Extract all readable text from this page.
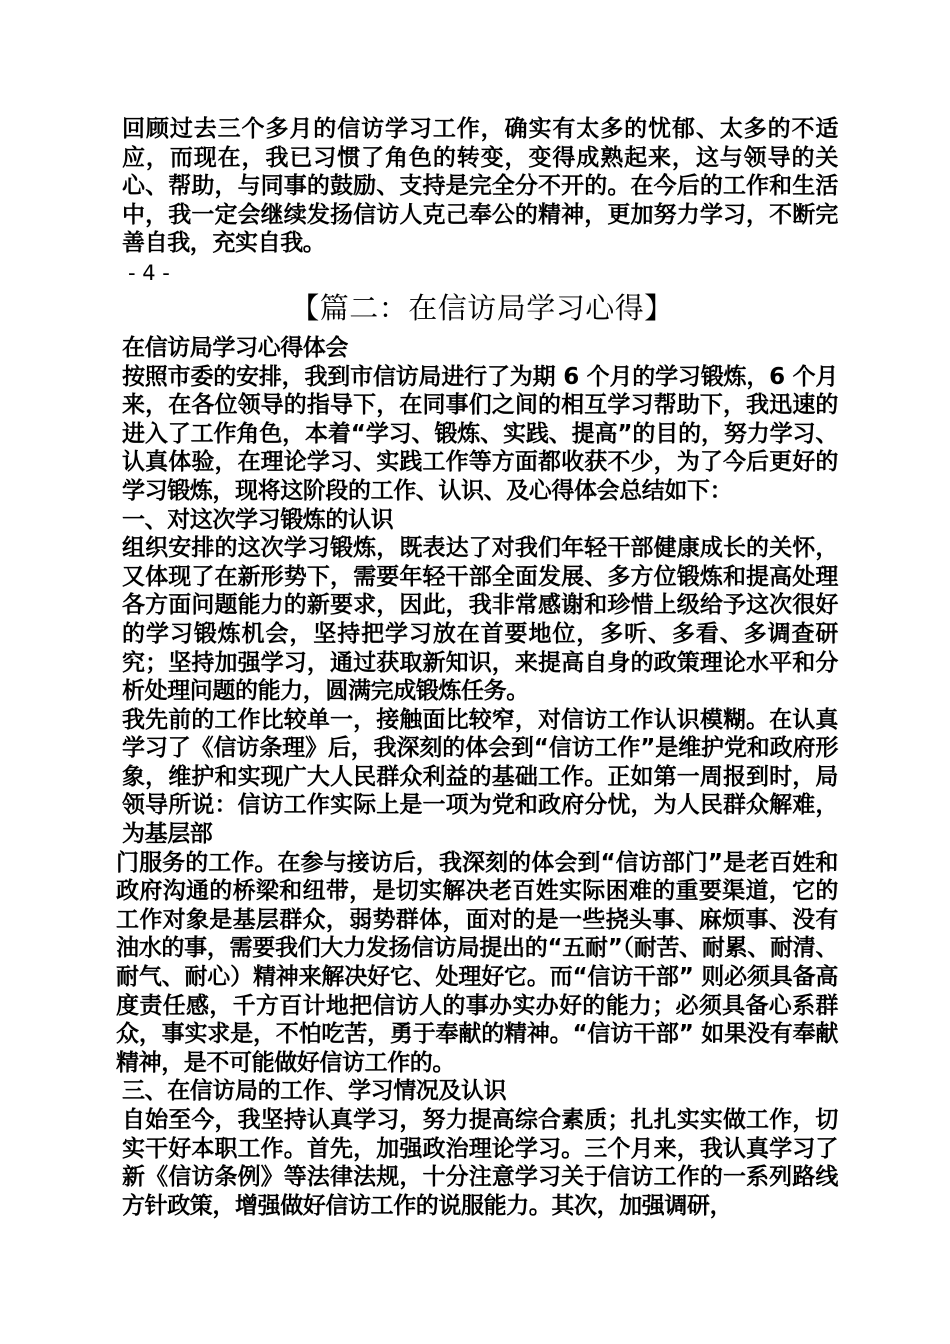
回顾过去三个多月的信访学习工作，确实有太多的忧郁、太多的不适应，而现在，我已习惯了角色的转变，变得成熟起来，这与领导的关心、帮助，与同事的鼓励、支持是完全分不开的。在今后的工作和生活中，我一定会继续发扬信访人克己奉公的精神，更加努力学习，不断完善自我，充实自我。

- 4 -

【篇二：在信访局学习心得】

在信访局学习心得体会

按照市委的安排，我到市信访局进行了为期 6 个月的学习锻炼，6 个月来，在各位领导的指导下，在同事们之间的相互学习帮助下，我迅速的进入了工作角色，本着“学习、锻炼、实践、提高”的目的，努力学习、认真体验，在理论学习、实践工作等方面都收获不少，为了今后更好的学习锻炼，现将这阶段的工作、认识、及心得体会总结如下：

一、对这次学习锻炼的认识

组织安排的这次学习锻炼，既表达了对我们年轻干部健康成长的关怀，又体现了在新形势下，需要年轻干部全面发展、多方位锻炼和提高处理各方面问题能力的新要求，因此，我非常感谢和珍惜上级给予这次很好的学习锻炼机会，坚持把学习放在首要地位，多听、多看、多调查研究；坚持加强学习，通过获取新知识，来提高自身的政策理论水平和分析处理问题的能力，圆满完成锻炼任务。

我先前的工作比较单一，接触面比较窄，对信访工作认识模糊。在认真学习了《信访条理》后，我深刻的体会到“信访工作”是维护党和政府形象，维护和实现广大人民群众利益的基础工作。正如第一周报到时，局领导所说：信访工作实际上是一项为党和政府分忧，为人民群众解难，为基层部

门服务的工作。在参与接访后，我深刻的体会到“信访部门”是老百姓和政府沟通的桥梁和纽带，是切实解决老百姓实际困难的重要渠道，它的工作对象是基层群众，弱势群体，面对的是一些挠头事、麻烦事、没有油水的事，需要我们大力发扬信访局提出的“五耐”（耐苦、耐累、耐清、耐气、耐心）精神来解决好它、处理好它。而“信访干部” 则必须具备高度责任感，千方百计地把信访人的事办实办好的能力；必须具备心系群众，事实求是，不怕吃苦，勇于奉献的精神。“信访干部” 如果没有奉献精神，是不可能做好信访工作的。

三、在信访局的工作、学习情况及认识

自始至今，我坚持认真学习，努力提高综合素质；扎扎实实做工作，切实干好本职工作。首先，加强政治理论学习。三个月来，我认真学习了新《信访条例》等法律法规，十分注意学习关于信访工作的一系列路线方针政策，增强做好信访工作的说服能力。其次，加强调研，
